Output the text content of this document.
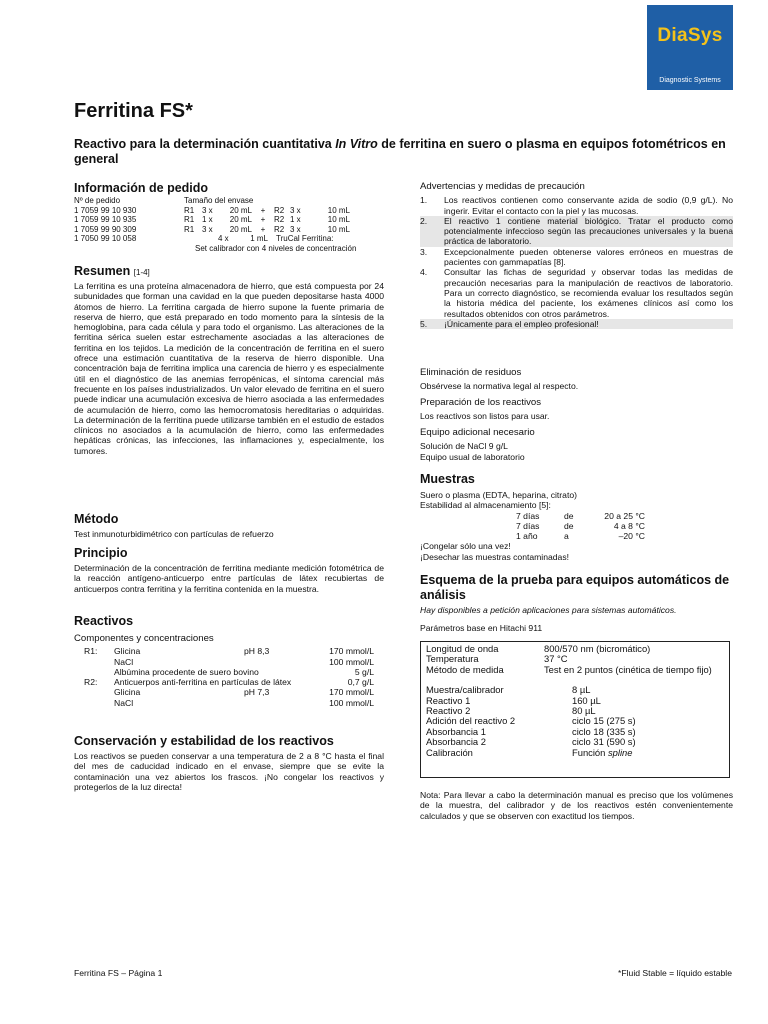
DiaSys
Diagnostic Systems
Ferritina FS*
Reactivo para la determinación cuantitativa In Vitro de ferritina en suero o plasma en equipos fotométricos en general
Información de pedido
Nº de pedido	Tamaño del envase
1 7059 99 10 930	R1 3 x	20 mL	+	R2 3 x	10 mL
1 7059 99 10 935	R1 1 x	20 mL	+	R2 1 x	10 mL
1 7059 99 90 309	R1 3 x	20 mL	+	R2 3 x	10 mL
1 7050 99 10 058	4 x	1 mL TruCal Ferritina:
Set calibrador con 4 niveles de concentración
Resumen [1-4]
La ferritina es una proteína almacenadora de hierro, que está compuesta por 24 subunidades que forman una cavidad en la que pueden depositarse hasta 4000 átomos de hierro. La ferritina cargada de hierro supone la fuente primaria de reserva de hierro, que está preparado en todo momento para la síntesis de la hemoglobina, para cada célula y para todo el organismo. Las alteraciones de la ferritina sérica suelen estar estrechamente asociadas a las alteraciones de ferritina en los tejidos. La medición de la concentración de ferritina en el suero ofrece una estimación cuantitativa de la reserva de hierro disponible. Una concentración baja de ferritina implica una carencia de hierro y es especialmente útil en el diagnóstico de las anemias ferropénicas, el síntoma carencial más frecuente en los países industrializados. Un valor elevado de ferritina en el suero puede indicar una acumulación excesiva de hierro asociada a las enfermedades de acumulación de hierro, como las hemocromatosis hereditarias o adquiridas. La determinación de la ferritina puede utilizarse también en el estudio de estados clínicos no asociados a la acumulación de hierro, como las enfermedades hepáticas crónicas, las infecciones, las inflamaciones y, especialmente, los tumores.
Método
Test inmunoturbidimétrico con partículas de refuerzo
Principio
Determinación de la concentración de ferritina mediante medición fotométrica de la reacción antígeno-anticuerpo entre partículas de látex recubiertas de anticuerpos contra ferritina y la ferritina contenida en la muestra.
Reactivos
Componentes y concentraciones
R1:	Glicina	pH 8,3	170 mmol/L
NaCl	100 mmol/L
Albúmina procedente de suero bovino	5 g/L
R2:	Anticuerpos anti-ferritina en partículas de látex	0,7 g/L
Glicina	pH 7,3	170 mmol/L
NaCl	100 mmol/L
Conservación y estabilidad de los reactivos
Los reactivos se pueden conservar a una temperatura de 2 a 8 °C hasta el final del mes de caducidad indicado en el envase, siempre que se evite la contaminación una vez abiertos los frascos. ¡No congelar los reactivos y protegerlos de la luz directa!
Advertencias y medidas de precaución
1.	Los reactivos contienen como conservante azida de sodio (0,9 g/L). No ingerir. Evitar el contacto con la piel y las mucosas.
2.	El reactivo 1 contiene material biológico. Tratar el producto como potencialmente infeccioso según las precauciones universales y la buena práctica de laboratorio.
3.	Excepcionalmente pueden obtenerse valores erróneos en muestras de pacientes con gammapatías [8].
4.	Consultar las fichas de seguridad y observar todas las medidas de precaución necesarias para la manipulación de reactivos de laboratorio. Para un correcto diagnóstico, se recomienda evaluar los resultados según la historia médica del paciente, los exámenes clínicos así como los resultados obtenidos con otros parámetros.
5.	¡Únicamente para el empleo profesional!
Eliminación de residuos
Obsérvese la normativa legal al respecto.
Preparación de los reactivos
Los reactivos son listos para usar.
Equipo adicional necesario
Solución de NaCl 9 g/L
Equipo usual de laboratorio
Muestras
Suero o plasma (EDTA, heparina, citrato)
Estabilidad al almacenamiento [5]:
7 días	de	20 a 25 °C
7 días	de	4 a 8 °C
1 año	a	–20 °C
¡Congelar sólo una vez!
¡Desechar las muestras contaminadas!
Esquema de la prueba para equipos automáticos de análisis
Hay disponibles a petición aplicaciones para sistemas automáticos.
Parámetros base en Hitachi 911
Longitud de onda	800/570 nm (bicromático)
Temperatura	37 °C
Método de medida	Test en 2 puntos (cinética de tiempo fijo)
Muestra/calibrador	8 µL
Reactivo 1	160 µL
Reactivo 2	80 µL
Adición del reactivo 2	ciclo 15 (275 s)
Absorbancia 1	ciclo 18 (335 s)
Absorbancia 2	ciclo 31 (590 s)
Calibración	Función spline
Nota: Para llevar a cabo la determinación manual es preciso que los volúmenes de la muestra, del calibrador y de los reactivos estén convenientemente calculados y que se observen con exactitud los tiempos.
Ferritina FS – Página 1	*Fluid Stable = líquido estable
